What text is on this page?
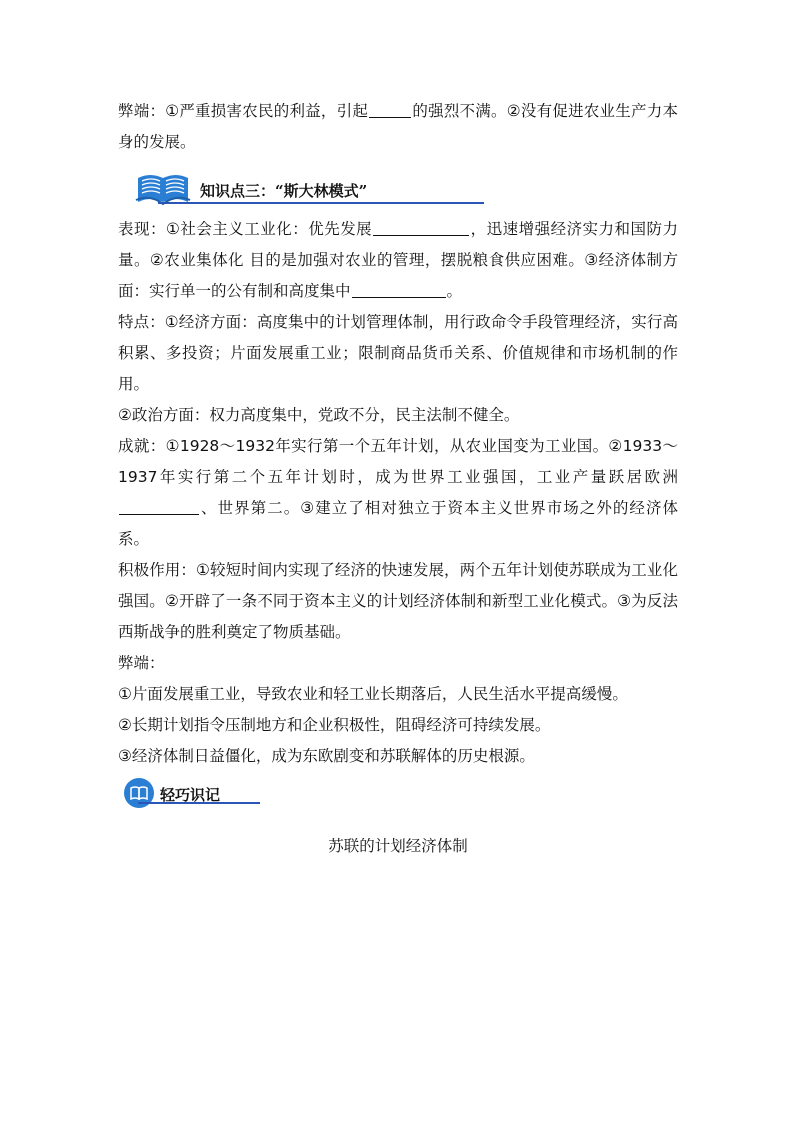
弊端：①严重损害农民的利益，引起	的强烈不满。②没有促进农业生产力本身的发展。

知识点三：“斯大林模式”

表现：①社会主义工业化：优先发展	，迅速增强经济实力和国防力量。②农业集体化 目的是加强对农业的管理，摆脱粮食供应困难。③经济体制方面：实行单一的公有制和高度集中	。

特点：①经济方面：高度集中的计划管理体制，用行政命令手段管理经济，实行高积累、多投资；片面发展重工业；限制商品货币关系、价值规律和市场机制的作用。

②政治方面：权力高度集中，党政不分，民主法制不健全。

成就：①1928～1932年实行第一个五年计划，从农业国变为工业国。②1933～1937年实行第二个五年计划时，成为世界工业强国，工业产量跃居欧洲、世界第二。③建立了相对独立于资本主义世界市场之外的经济体系。

积极作用：①较短时间内实现了经济的快速发展，两个五年计划使苏联成为工业化强国。②开辟了一条不同于资本主义的计划经济体制和新型工业化模式。③为反法西斯战争的胜利奠定了物质基础。

弊端：

①片面发展重工业，导致农业和轻工业长期落后，人民生活水平提高缓慢。

②长期计划指令压制地方和企业积极性，阻碍经济可持续发展。

③经济体制日益僵化，成为东欧剧变和苏联解体的历史根源。

轻巧识记
苏联的计划经济体制
